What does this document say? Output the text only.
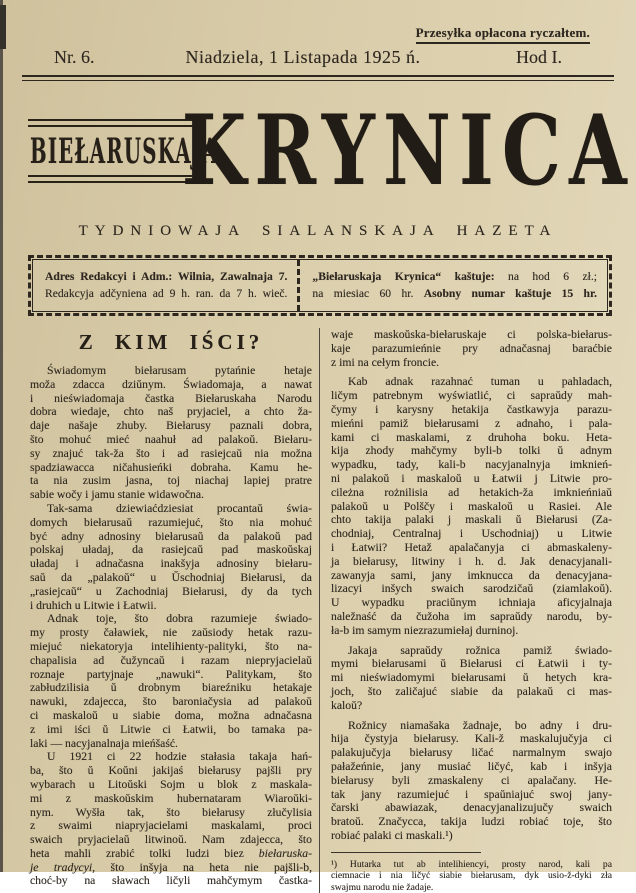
Przesyłka opłacona ryczałtem.
Nr. 6.	Niadziela, 1 Listapada 1925 ń.	Hod I.
BIEŁARUSKAJA
KRYNICA
TYDNIOWAJA SIALANSKAJA HAZETA
Adres Redakcyi i Adm.: Wilnia, Zawalnaja 7.
Redakcyja adčyniena ad 9 h. ran. da 7 h. wieč.
„Biełaruskaja Krynica“ kaštuje: na hod 6 zł.;
na miesiac 60 hr. Asobny numar kaštuje 15 hr.
Z KIM IŚCI?
Świadomym biełarusam pytańnie hetaje
moža zdacca dziŭnym. Świadomaja, a nawat
i nieświadomaja častka Biełaruskaha Narodu
dobra wiedaje, chto naš pryjaciel, a chto ža-
daje našaje zhuby. Biełarusy paznali dobra,
što mohuć mieć naahuł ad palakoŭ. Biełaru-
sy znajuć tak-ža što i ad rasiejcaŭ nia možna
spadziawacca ničahusieńki dobraha. Kamu he-
ta nia zusim jasna, toj niachaj lapiej pratre
sabie wočy i jamu stanie widawočna.
Tak-sama dziewiaćdziesiat procantaŭ świa-
domych biełarusaŭ razumiejuć, što nia mohuć
być adny adnosiny biełarusaŭ da palakoŭ pad
polskaj uładaj, da rasiejcaŭ pad maskoŭskaj
uładaj i adnačasna inakšyja adnosiny biełaru-
saŭ da „palakoŭ“ u Ŭschodniaj Biełarusi, da
„rasiejcaŭ“ u Zachodniaj Biełarusi, dy da tych
i druhich u Litwie i Łatwii.
Adnak toje, što dobra razumieje świado-
my prosty čaławiek, nie zaŭsiody hetak razu-
miejuć niekatoryja intelihienty-palityki, što na-
chapalisia ad čužyncaŭ i razam niepryjacielaŭ
roznaje partyjnaje „nawuki“. Palitykam, što
zabłudzilisia ŭ drobnym biareźniku hetakaje
nawuki, zdajecca, što baroniačysia ad palakoŭ
ci maskaloŭ u siabie doma, možna adnačasna
z imi iści ŭ Litwie ci Łatwii, bo tamaka pa-
laki — nacyjanalnaja mieńšaść.
U 1921 ci 22 hodzie stałasia takaja hań-
ba, što ŭ Koŭni jakijaś biełarusy pajšli pry
wybarach u Litoŭski Sojm u blok z maskala-
mi z maskoŭskim hubernataram Wiaroŭki-
nym. Wyšła tak, što biełarusy złučylisia
z swaimi niapryjacielami maskalami, proci
swaich pryjacielaŭ litwinoŭ. Nam zdajecca, što
heta mahli zrabić tolki ludzi biez biełaruska-
je tradycyi, što inšyja na heta nie pajšli-b,
choć-by na sławach ličyli mahčymym častka-
waje maskoŭska-biełaruskaje ci polska-biełarus-
kaje parazumieńnie pry adnačasnaj baraćbie
z imi na cełym froncie.
Kab adnak razahnać tuman u pahladach,
ličym patrebnym wyświatlić, ci sapraŭdy mah-
čymy i karysny hetakija častkawyja parazu-
mieńni pamiž biełarusami z adnaho, i pala-
kami ci maskalami, z druhoha boku. Heta-
kija zhody mahčymy byli-b tolki ŭ adnym
wypadku, tady, kali-b nacyjanalnyja imknień-
ni palakoŭ i maskaloŭ u Łatwii j Litwie pro-
cileżna rożnilisia ad hetakich-ža imknieńniaŭ
palakoŭ u Polščy i maskaloŭ u Rasiei. Ale
chto takija palaki j maskali ŭ Biełarusi (Za-
chodniaj, Centralnaj i Uschodniaj) u Litwie
i Łatwii? Hetaž apalačanyja ci abmaskaleny-
ja biełarusy, litwiny i h. d. Jak denacyjanali-
zawanyja sami, jany imknucca da denacyjana-
lizacyi inšych swaich sarodzičaŭ (ziamlakoŭ).
U wypadku praciŭnym ichniaja aficyjalnaja
naležnaść da čužoha im sapraŭdy narodu, by-
ła-b im samym niezrazumiełaj durninoj.
Jakaja sapraŭdy rožnica pamiž świado-
mymi biełarusami ŭ Biełarusi ci Łatwii i ty-
mi nieświadomymi biełarusami ŭ hetych kra-
joch, što zaličajuć siabie da palakaŭ ci mas-
kaloŭ?
Rožnicy niamašaka žadnaje, bo adny i dru-
hija čystyja biełarusy. Kali-ž maskalujučyja ci
palakujučyja biełarusy ličać narmalnym swajo
pałažeńnie, jany musiać ličyć, kab i inšyja
biełarusy byli zmaskaleny ci apalačany. He-
tak jany razumiejuć i spaŭniajuć swoj jany-
čarski abawiazak, denacyjanalizujučy swaich
bratoŭ. Značycca, takija ludzi robiać toje, što
robiać palaki ci maskali.¹)
¹) Hutarka tut ab intelihiencyi, prosty narod, kali pa
ciemnacie i nia ličyć siabie biełarusam, dyk usio-ž-dyki zła
swajmu narodu nie žadaje.
